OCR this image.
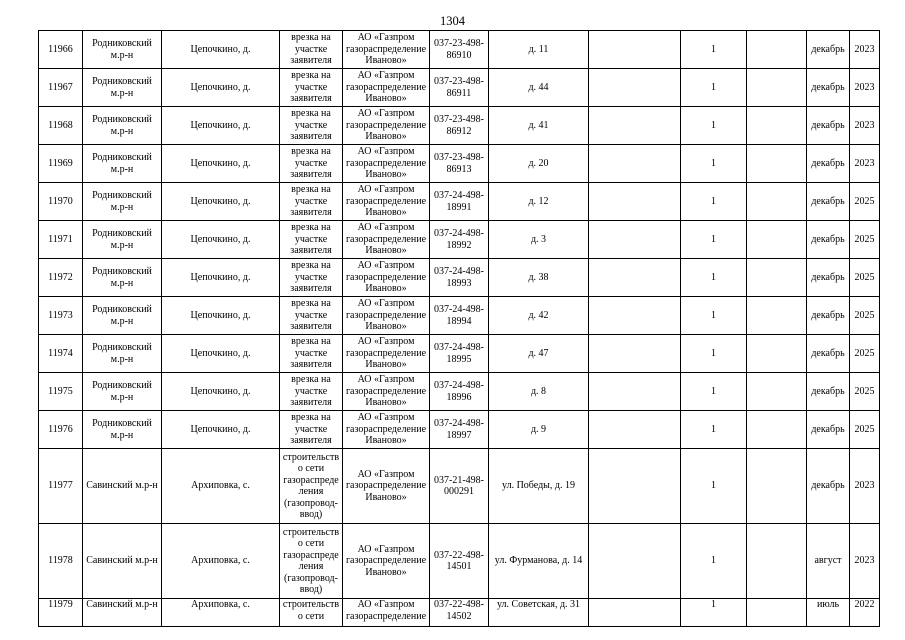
1304
11966	Родниковский м.р-н	Цепочкино, д.	врезка на участке заявителя	АО «Газпром газораспределение Иваново»	037-23-498-86910	д. 11		1		декабрь	2023
11967	Родниковский м.р-н	Цепочкино, д.	врезка на участке заявителя	АО «Газпром газораспределение Иваново»	037-23-498-86911	д. 44		1		декабрь	2023
11968	Родниковский м.р-н	Цепочкино, д.	врезка на участке заявителя	АО «Газпром газораспределение Иваново»	037-23-498-86912	д. 41		1		декабрь	2023
11969	Родниковский м.р-н	Цепочкино, д.	врезка на участке заявителя	АО «Газпром газораспределение Иваново»	037-23-498-86913	д. 20		1		декабрь	2023
11970	Родниковский м.р-н	Цепочкино, д.	врезка на участке заявителя	АО «Газпром газораспределение Иваново»	037-24-498-18991	д. 12		1		декабрь	2025
11971	Родниковский м.р-н	Цепочкино, д.	врезка на участке заявителя	АО «Газпром газораспределение Иваново»	037-24-498-18992	д. 3		1		декабрь	2025
11972	Родниковский м.р-н	Цепочкино, д.	врезка на участке заявителя	АО «Газпром газораспределение Иваново»	037-24-498-18993	д. 38		1		декабрь	2025
11973	Родниковский м.р-н	Цепочкино, д.	врезка на участке заявителя	АО «Газпром газораспределение Иваново»	037-24-498-18994	д. 42		1		декабрь	2025
11974	Родниковский м.р-н	Цепочкино, д.	врезка на участке заявителя	АО «Газпром газораспределение Иваново»	037-24-498-18995	д. 47		1		декабрь	2025
11975	Родниковский м.р-н	Цепочкино, д.	врезка на участке заявителя	АО «Газпром газораспределение Иваново»	037-24-498-18996	д. 8		1		декабрь	2025
11976	Родниковский м.р-н	Цепочкино, д.	врезка на участке заявителя	АО «Газпром газораспределение Иваново»	037-24-498-18997	д. 9		1		декабрь	2025
11977	Савинский м.р-н	Архиповка, с.	строительство сети газораспределения (газопровод-ввод)	АО «Газпром газораспределение Иваново»	037-21-498-000291	ул. Победы, д. 19		1		декабрь	2023
11978	Савинский м.р-н	Архиповка, с.	строительство сети газораспределения (газопровод-ввод)	АО «Газпром газораспределение Иваново»	037-22-498-14501	ул. Фурманова, д. 14		1		август	2023
11979	Савинский м.р-н	Архиповка, с.	строительство сети	АО «Газпром газораспределение	037-22-498-14502	ул. Советская, д. 31		1		июль	2022
